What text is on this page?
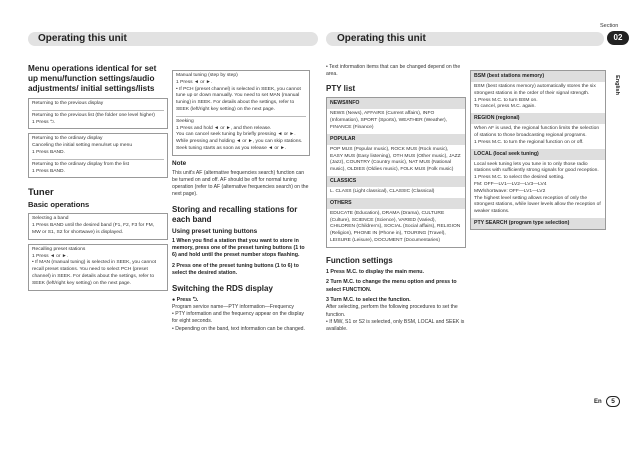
Section
Operating this unit	Operating this unit	02
English
Menu operations identical for set up menu/function settings/audio adjustments/ initial settings/lists
Returning to the previous display
Returning to the previous list (the folder one level higher)
1 Press ⮌.
Returning to the ordinary display
Canceling the initial setting menu/set up menu
1 Press BAND.
Returning to the ordinary display from the list
1 Press BAND.
Tuner
Basic operations
Selecting a band
1 Press BAND until the desired band (F1, F2, F3 for FM, MW or S1, S2 for shortwave) is displayed.
Recalling preset stations
1 Press ◄ or ►.
• If MAN (manual tuning) is selected in SEEK, you cannot recall preset stations. You need to select PCH (preset channel) in SEEK. For details about the settings, refer to SEEK (left/right key setting) on the next page.
Manual tuning (step by step)
1 Press ◄ or ►.
• If PCH (preset channel) is selected in SEEK, you cannot tune up or down manually. You need to set MAN (manual tuning) in SEEK. For details about the settings, refer to SEEK (left/right key setting) on the next page.
Seeking
1 Press and hold ◄ or ►, and then release.
You can cancel seek tuning by briefly pressing ◄ or ►.
While pressing and holding ◄ or ►, you can skip stations. Seek tuning starts as soon as you release ◄ or ►.
Note
This unit's AF (alternative frequencies search) function can be turned on and off. AF should be off for normal tuning operation (refer to AF (alternative frequencies search) on the next page).
Storing and recalling stations for each band
Using preset tuning buttons
1 When you find a station that you want to store in memory, press one of the preset tuning buttons (1 to 6) and hold until the preset number stops flashing.
2 Press one of the preset tuning buttons (1 to 6) to select the desired station.
Switching the RDS display
● Press ⮌.
Program service name—PTY information—Frequency
• PTY information and the frequency appear on the display for eight seconds.
• Depending on the band, text information can be changed.
• Text information items that can be changed depend on the area.
PTY list
NEWS/INFO
NEWS (News), AFFAIRS (Current affairs), INFO (Information), SPORT (Sports), WEATHER (Weather), FINANCE (Finance)
POPULAR
POP MUS (Popular music), ROCK MUS (Rock music), EASY MUS (Easy listening), OTH MUS (Other music), JAZZ (Jazz), COUNTRY (Country music), NAT MUS (National music), OLDIES (Oldies music), FOLK MUS (Folk music)
CLASSICS
L. CLASS (Light classical), CLASSIC (Classical)
OTHERS
EDUCATE (Education), DRAMA (Drama), CULTURE (Culture), SCIENCE (Science), VARIED (Varied), CHILDREN (Children's), SOCIAL (Social affairs), RELIGION (Religion), PHONE IN (Phone in), TOURING (Travel), LEISURE (Leisure), DOCUMENT (Documentaries)
Function settings
1 Press M.C. to display the main menu.
2 Turn M.C. to change the menu option and press to select FUNCTION.
3 Turn M.C. to select the function.
After selecting, perform the following procedures to set the function.
• If MW, S1 or S2 is selected, only BSM, LOCAL and SEEK is available.
BSM (best stations memory)
BSM (best stations memory) automatically stores the six strongest stations in the order of their signal strength.
1 Press M.C. to turn BSM on.
To cancel, press M.C. again.
REGION (regional)
When AF is used, the regional function limits the selection of stations to those broadcasting regional programs.
1 Press M.C. to turn the regional function on or off.
LOCAL (local seek tuning)
Local seek tuning lets you tune in to only those radio stations with sufficiently strong signals for good reception.
1 Press M.C. to select the desired setting.
FM: OFF—LV1—LV2—LV3—LV4
MW/shortwave: OFF—LV1—LV2
The highest level setting allows reception of only the strongest stations, while lower levels allow the reception of weaker stations.
PTY SEARCH (program type selection)
En	5
